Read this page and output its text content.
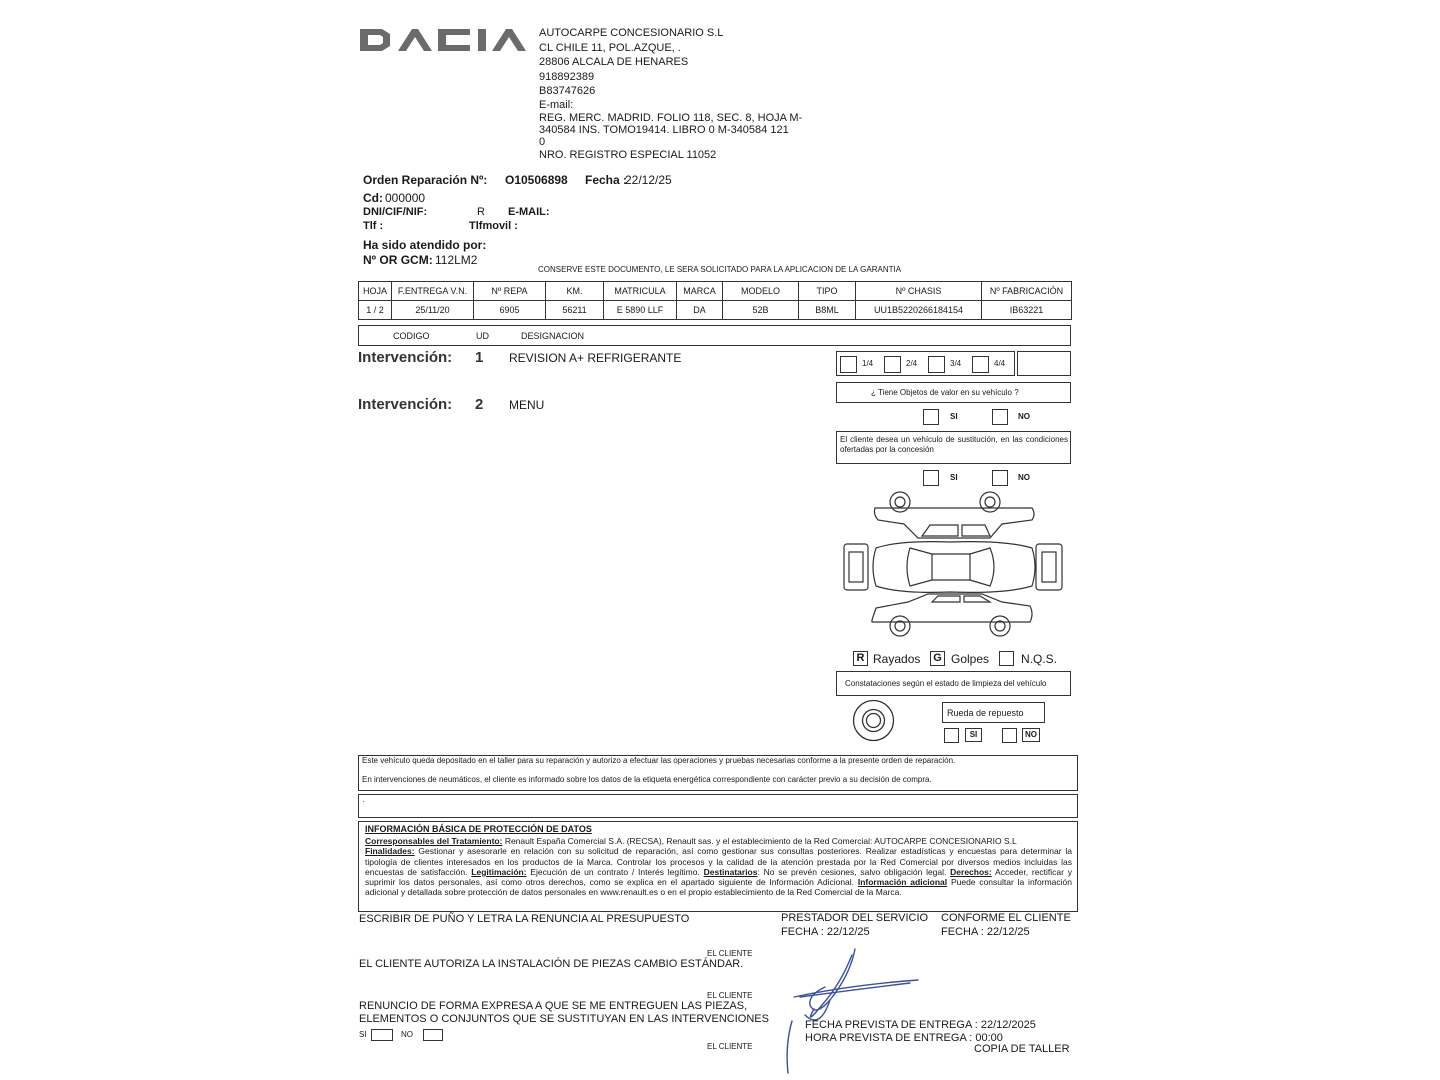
AUTOCARPE CONCESIONARIO S.L
CL CHILE 11, POL.AZQUE, .
28806 ALCALA DE HENARES
918892389
B83747626
E-mail:
REG. MERC. MADRID. FOLIO 118, SEC. 8, HOJA M-
340584 INS. TOMO19414. LIBRO 0 M-340584 121
0
NRO. REGISTRO ESPECIAL 11052
Orden Reparación Nº: O10506898 Fecha :
22/12/25
Cd: 000000
DNI/CIF/NIF:	R E-MAIL:
Tlf :	Tlfmovil :
Ha sido atendido por:
Nº OR GCM: 112LM2
CONSERVE ESTE DOCUMENTO, LE SERA SOLICITADO PARA LA APLICACION DE LA GARANTIA
HOJA	F.ENTREGA V.N.	Nº REPA	KM.	MATRICULA	MARCA	MODELO	TIPO	Nº CHASIS	Nº FABRICACIÓN
1 / 2	25/11/20	6905	56211	E 5890 LLF	DA	52B	B8ML	UU1B5220266184154	IB63221
CODIGO	UD	DESIGNACION
Intervención: 1 REVISION A+ REFRIGERANTE
Intervención: 2 MENU
1/4	2/4	3/4	4/4
¿ Tiene Objetos de valor en su vehículo ?
SI	NO
El cliente desea un vehículo de sustitución, en las condiciones ofertadas por la concesión
SI	NO
R Rayados G Golpes	N.Q.S.
Constataciones según el estado de limpieza del vehículo
Rueda de repuesto
SI	NO
Este vehículo queda depositado en el taller para su reparación y autorizo a efectuar las operaciones y pruebas necesarias conforme a la presente orden de reparación.
En intervenciones de neumáticos, el cliente es informado sobre los datos de la etiqueta energética correspondiente con carácter previo a su decisión de compra.
·
INFORMACIÓN BÁSICA DE PROTECCIÓN DE DATOS
Corresponsables del Tratamiento: Renault España Comercial S.A. (RECSA), Renault sas. y el establecimiento de la Red Comercial: AUTOCARPE CONCESIONARIO S.L
Finalidades: Gestionar y asesorarle en relación con su solicitud de reparación, así como gestionar sus consultas posteriores. Realizar estadísticas y encuestas para determinar la tipología de clientes interesados en los productos de la Marca. Controlar los procesos y la calidad de la atención prestada por la Red Comercial por diversos medios incluidas las encuestas de satisfacción. Legitimación: Ejecución de un contrato / Interés legítimo. Destinatarios: No se prevén cesiones, salvo obligación legal. Derechos: Acceder, rectificar y suprimir los datos personales, así como otros derechos, como se explica en el apartado siguiente de Información Adicional. Información adicional Puede consultar la información adicional y detallada sobre protección de datos personales en www.renault.es o en el propio establecimiento de la Red Comercial de la Marca.
ESCRIBIR DE PUÑO Y LETRA LA RENUNCIA AL PRESUPUESTO	PRESTADOR DEL SERVICIO
FECHA : 22/12/25
CONFORME EL CLIENTE
FECHA : 22/12/25
EL CLIENTE
EL CLIENTE AUTORIZA LA INSTALACIÓN DE PIEZAS CAMBIO ESTÁNDAR.
EL CLIENTE
RENUNCIO DE FORMA EXPRESA A QUE SE ME ENTREGUEN LAS PIEZAS,
ELEMENTOS O CONJUNTOS QUE SE SUSTITUYAN EN LAS INTERVENCIONES
SI	NO
EL CLIENTE
FECHA PREVISTA DE ENTREGA : 22/12/2025
HORA PREVISTA DE ENTREGA : 00:00
COPIA DE TALLER
